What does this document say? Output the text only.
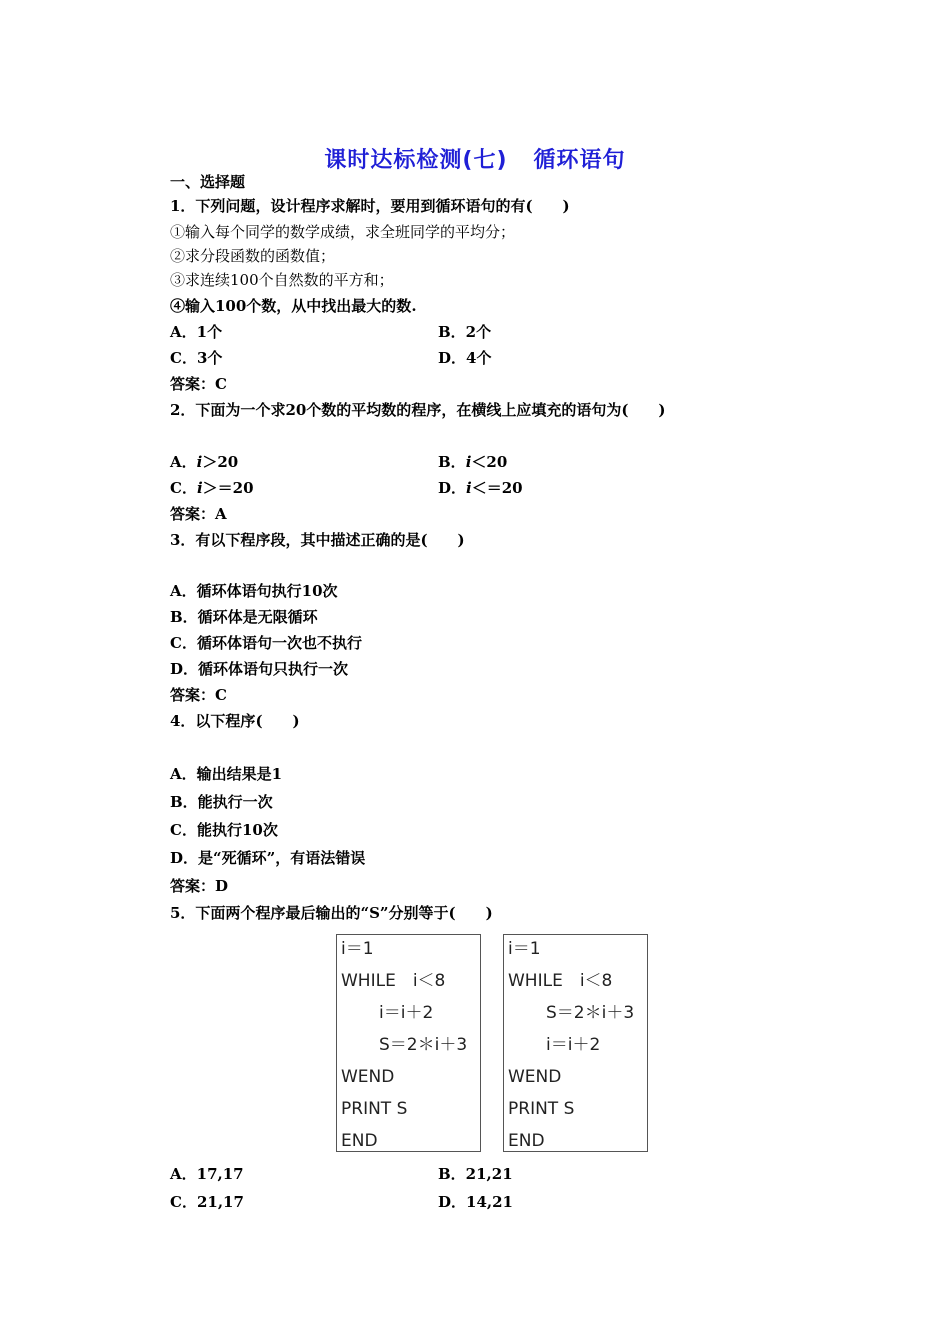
课时达标检测(七) 循环语句
一、选择题
1．下列问题，设计程序求解时，要用到循环语句的有(　　)
①输入每个同学的数学成绩，求全班同学的平均分；
②求分段函数的函数值；
③求连续100个自然数的平方和；
④输入100个数，从中找出最大的数.
A．1个	B．2个
C．3个	D．4个
答案：C
2．下面为一个求20个数的平均数的程序，在横线上应填充的语句为(　　)
A．i＞20	B．i＜20
C．i＞＝20	D．i＜＝20
答案：A
3．有以下程序段，其中描述正确的是(　　)
A．循环体语句执行10次
B．循环体是无限循环
C．循环体语句一次也不执行
D．循环体语句只执行一次
答案：C
4．以下程序(　　)
A．输出结果是1
B．能执行一次
C．能执行10次
D．是“死循环”，有语法错误
答案：D
5．下面两个程序最后输出的“S”分别等于(　　)
i＝1
WHILE　i＜8
i＝i＋2
S＝2＊i＋3
WEND
PRINT S
END
i＝1
WHILE　i＜8
S＝2＊i＋3
i＝i＋2
WEND
PRINT S
END
A．17,17	B．21,21
C．21,17	D．14,21
